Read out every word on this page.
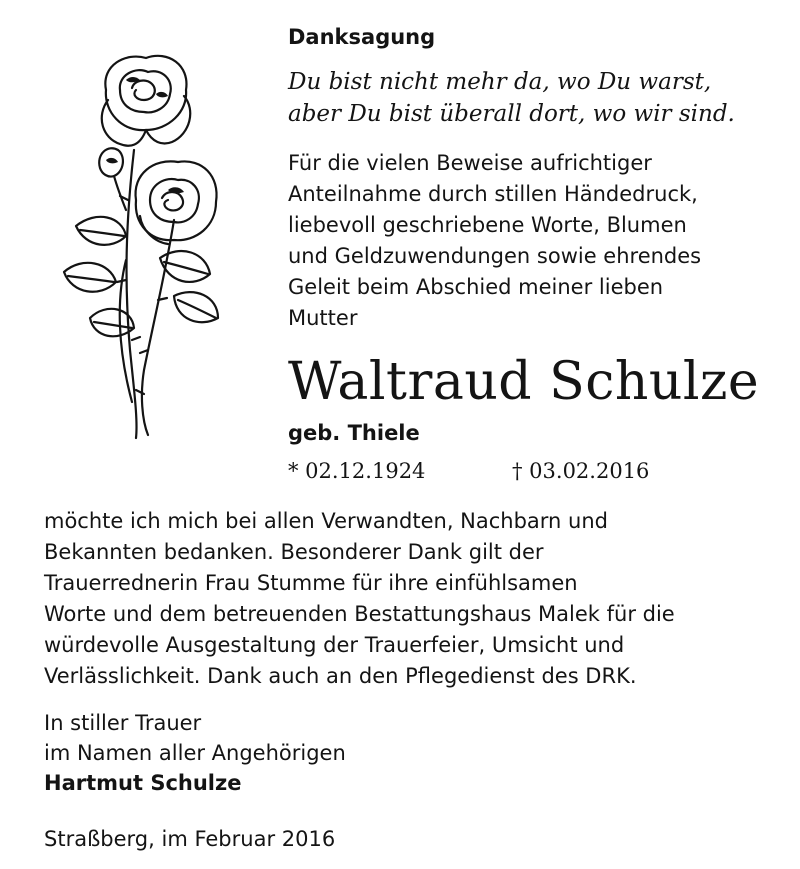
Danksagung
Du bist nicht mehr da, wo Du warst,
aber Du bist überall dort, wo wir sind.
Für die vielen Beweise aufrichtiger
Anteilnahme durch stillen Händedruck,
liebevoll geschriebene Worte, Blumen
und Geldzuwendungen sowie ehrendes
Geleit beim Abschied meiner lieben
Mutter
Waltraud Schulze
geb. Thiele
* 02.12.1924	† 03.02.2016
möchte ich mich bei allen Verwandten, Nachbarn und
Bekannten bedanken. Besonderer Dank gilt der
Trauerrednerin Frau Stumme für ihre einfühlsamen
Worte und dem betreuenden Bestattungshaus Malek für die
würdevolle Ausgestaltung der Trauerfeier, Umsicht und
Verlässlichkeit. Dank auch an den Pflegedienst des DRK.
In stiller Trauer
im Namen aller Angehörigen
Hartmut Schulze
Straßberg, im Februar 2016
